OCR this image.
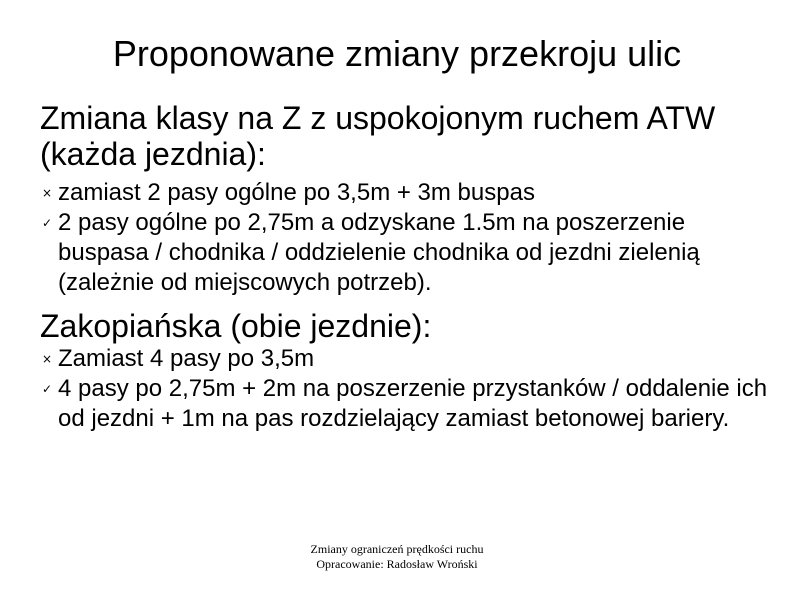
Proponowane zmiany przekroju ulic
Zmiana klasy na Z z uspokojonym ruchem ATW (każda jezdnia):
× zamiast 2 pasy ogólne po 3,5m + 3m buspas
✓ 2 pasy ogólne po 2,75m a odzyskane 1.5m na poszerzenie buspasa / chodnika / oddzielenie chodnika od jezdni zielenią (zależnie od miejscowych potrzeb).
Zakopiańska (obie jezdnie):
× Zamiast 4 pasy po 3,5m
✓ 4 pasy po 2,75m + 2m na poszerzenie przystanków / oddalenie ich od jezdni + 1m na pas rozdzielający zamiast betonowej bariery.
Zmiany ograniczeń prędkości ruchu
Opracowanie: Radosław Wroński
